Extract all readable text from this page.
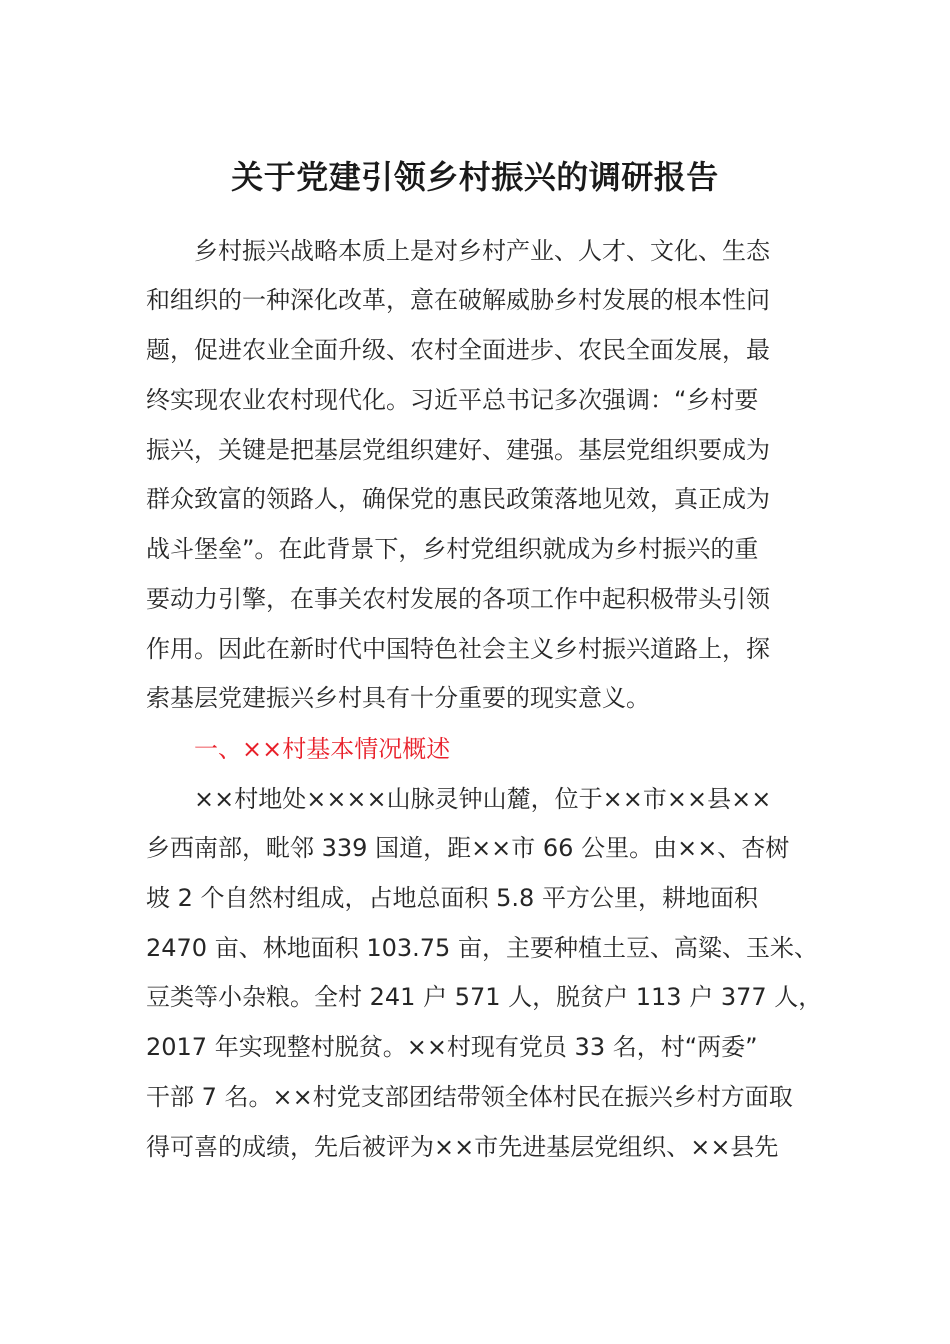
关于党建引领乡村振兴的调研报告
乡村振兴战略本质上是对乡村产业、人才、文化、生态
和组织的一种深化改革，意在破解威胁乡村发展的根本性问
题，促进农业全面升级、农村全面进步、农民全面发展，最
终实现农业农村现代化。习近平总书记多次强调：“乡村要
振兴，关键是把基层党组织建好、建强。基层党组织要成为
群众致富的领路人，确保党的惠民政策落地见效，真正成为
战斗堡垒”。在此背景下，乡村党组织就成为乡村振兴的重
要动力引擎，在事关农村发展的各项工作中起积极带头引领
作用。因此在新时代中国特色社会主义乡村振兴道路上，探
索基层党建振兴乡村具有十分重要的现实意义。
一、××村基本情况概述
××村地处××××山脉灵钟山麓，位于××市××县××
乡西南部，毗邻 339 国道，距××市 66 公里。由××、杏树
坡 2 个自然村组成，占地总面积 5.8 平方公里，耕地面积
2470 亩、林地面积 103.75 亩，主要种植土豆、高粱、玉米、
豆类等小杂粮。全村 241 户 571 人，脱贫户 113 户 377 人，
2017 年实现整村脱贫。××村现有党员 33 名，村“两委”
干部 7 名。××村党支部团结带领全体村民在振兴乡村方面取
得可喜的成绩，先后被评为××市先进基层党组织、××县先
